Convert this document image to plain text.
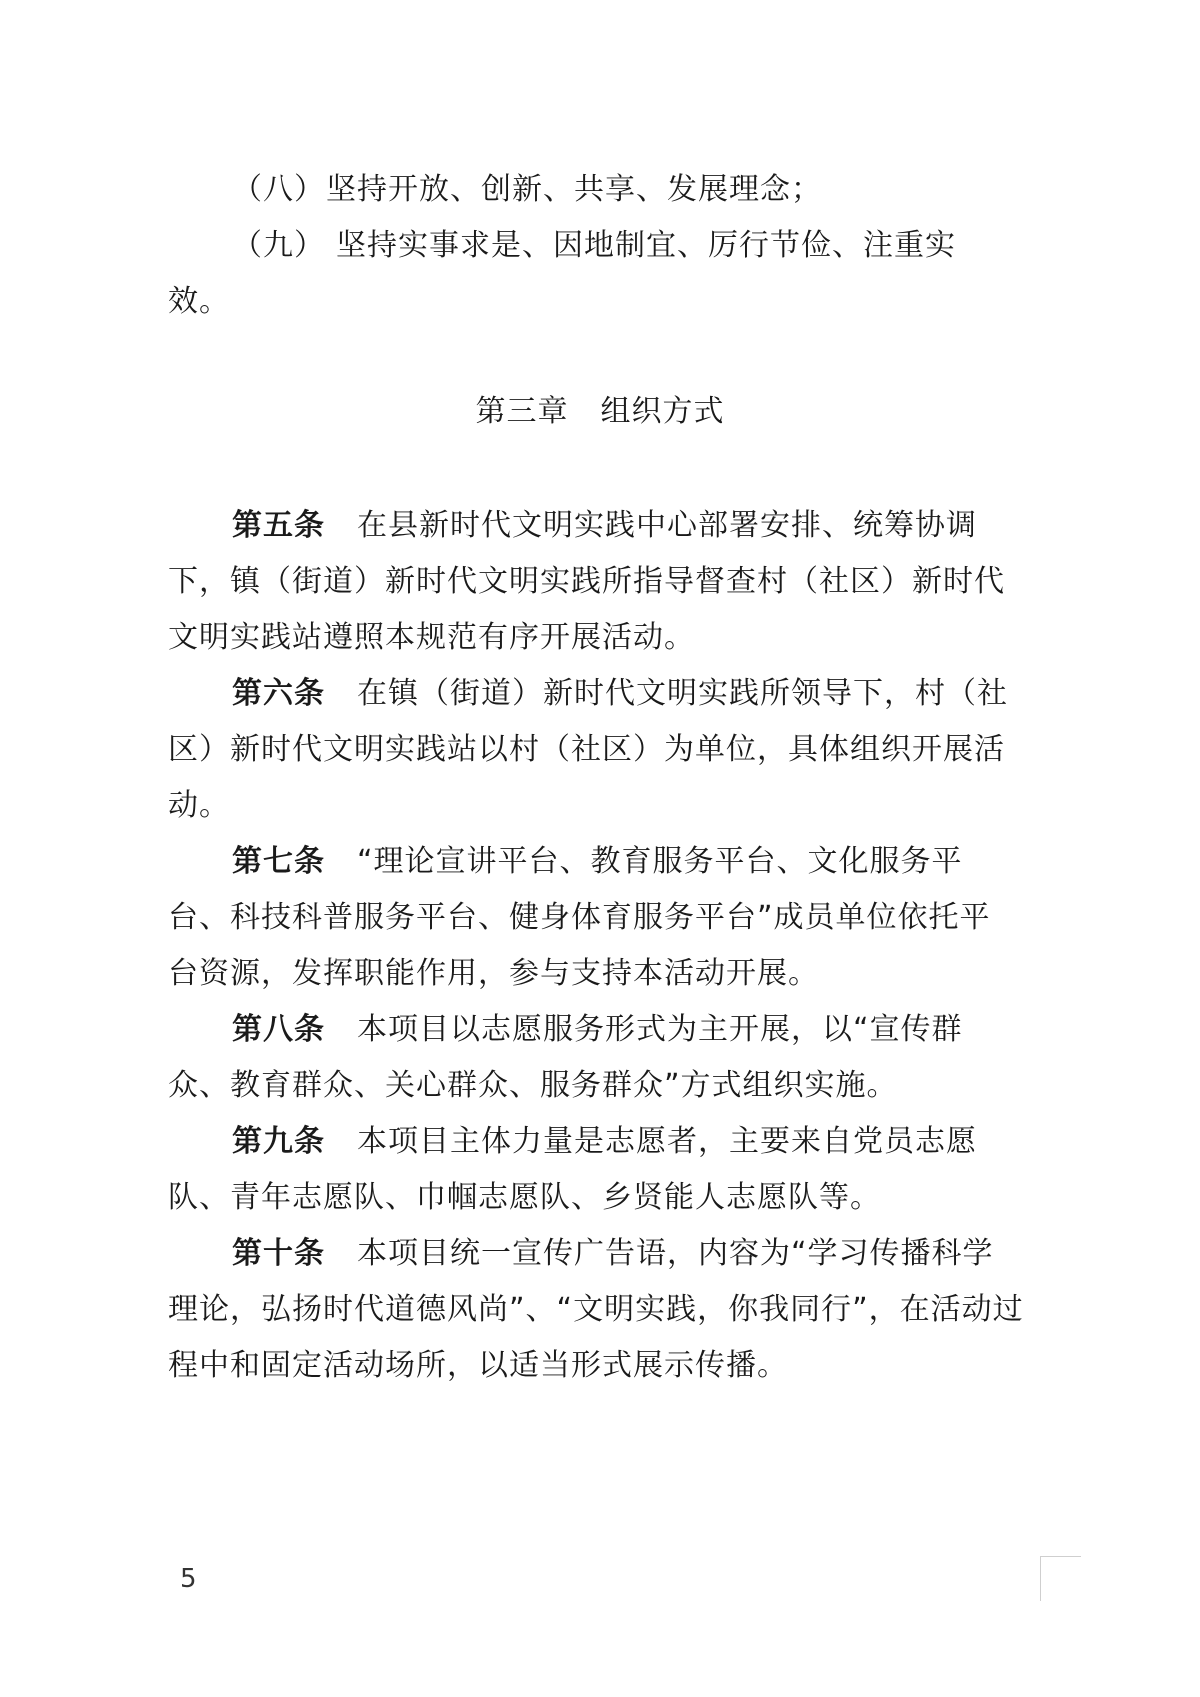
（八）坚持开放、创新、共享、发展理念；
（九） 坚持实事求是、因地制宜、厉行节俭、注重实
效。
第三章 组织方式
第五条 在县新时代文明实践中心部署安排、统筹协调
下，镇（街道）新时代文明实践所指导督查村（社区）新时代
文明实践站遵照本规范有序开展活动。
第六条 在镇（街道）新时代文明实践所领导下，村（社
区）新时代文明实践站以村（社区）为单位，具体组织开展活
动。
第七条 “理论宣讲平台、教育服务平台、文化服务平
台、科技科普服务平台、健身体育服务平台”成员单位依托平
台资源，发挥职能作用，参与支持本活动开展。
第八条 本项目以志愿服务形式为主开展，以“宣传群
众、教育群众、关心群众、服务群众”方式组织实施。
第九条 本项目主体力量是志愿者，主要来自党员志愿
队、青年志愿队、巾帼志愿队、乡贤能人志愿队等。
第十条 本项目统一宣传广告语，内容为“学习传播科学
理论，弘扬时代道德风尚”、“文明实践，你我同行”，在活动过
程中和固定活动场所，以适当形式展示传播。
5
